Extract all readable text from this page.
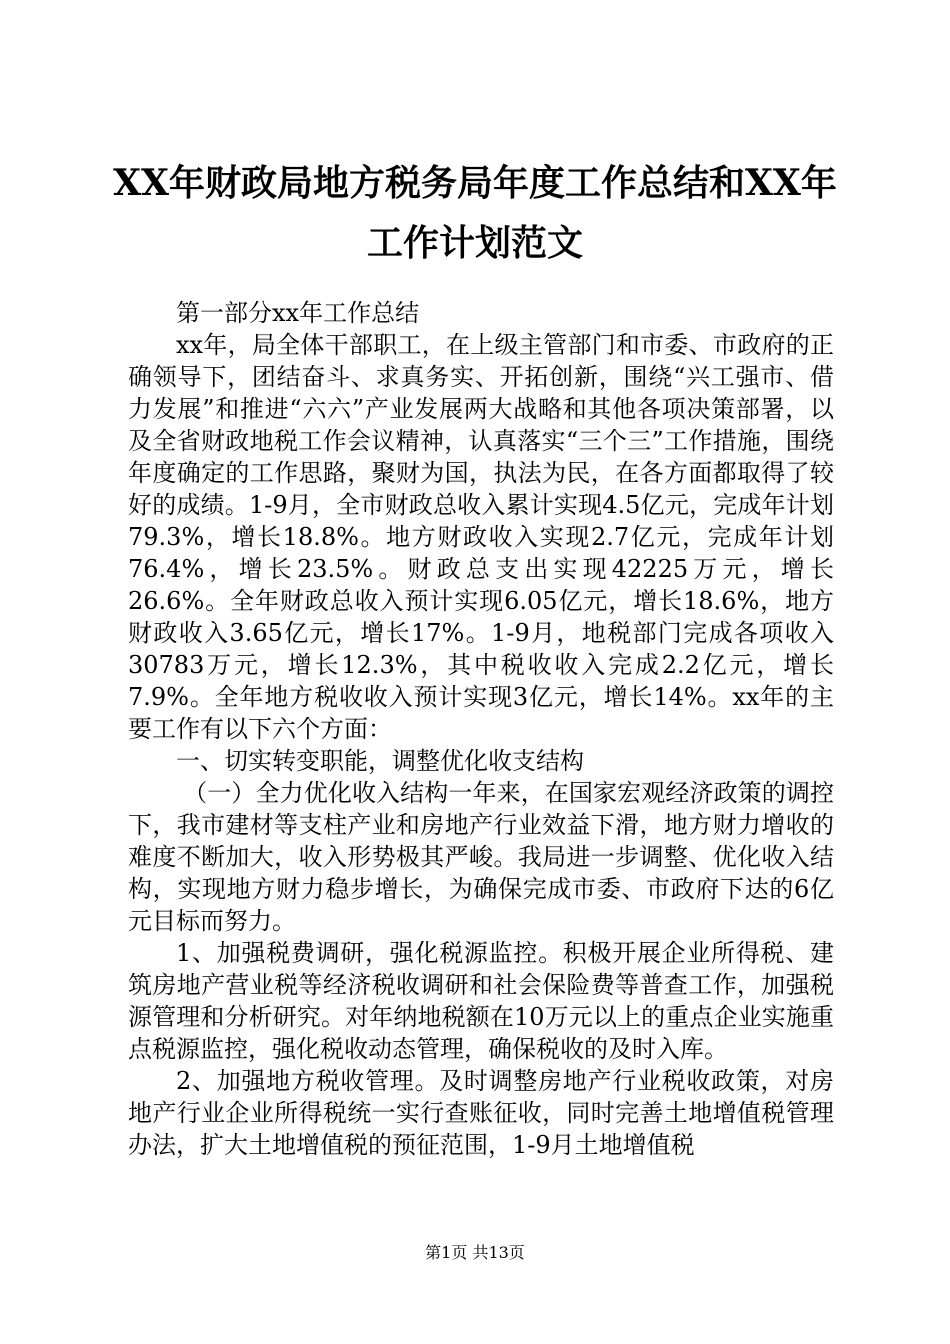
XX年财政局地方税务局年度工作总结和XX年工作计划范文

第一部分xx年工作总结

xx年，局全体干部职工，在上级主管部门和市委、市政府的正确领导下，团结奋斗、求真务实、开拓创新，围绕“兴工强市、借力发展”和推进“六六”产业发展两大战略和其他各项决策部署，以及全省财政地税工作会议精神，认真落实“三个三”工作措施，围绕年度确定的工作思路，聚财为国，执法为民，在各方面都取得了较好的成绩。1-9月，全市财政总收入累计实现4.5亿元，完成年计划79.3%，增长18.8%。地方财政收入实现2.7亿元，完成年计划76.4%，增长23.5%。财政总支出实现42225万元，增长26.6%。全年财政总收入预计实现6.05亿元，增长18.6%，地方财政收入3.65亿元，增长17%。1-9月，地税部门完成各项收入30783万元，增长12.3%，其中税收收入完成2.2亿元，增长7.9%。全年地方税收收入预计实现3亿元，增长14%。xx年的主要工作有以下六个方面：

一、切实转变职能，调整优化收支结构

（一）全力优化收入结构一年来，在国家宏观经济政策的调控下，我市建材等支柱产业和房地产行业效益下滑，地方财力增收的难度不断加大，收入形势极其严峻。我局进一步调整、优化收入结构，实现地方财力稳步增长，为确保完成市委、市政府下达的6亿元目标而努力。

1、加强税费调研，强化税源监控。积极开展企业所得税、建筑房地产营业税等经济税收调研和社会保险费等普查工作，加强税源管理和分析研究。对年纳地税额在10万元以上的重点企业实施重点税源监控，强化税收动态管理，确保税收的及时入库。

2、加强地方税收管理。及时调整房地产行业税收政策，对房地产行业企业所得税统一实行查账征收，同时完善土地增值税管理办法，扩大土地增值税的预征范围，1-9月土地增值税

第1页 共13页
